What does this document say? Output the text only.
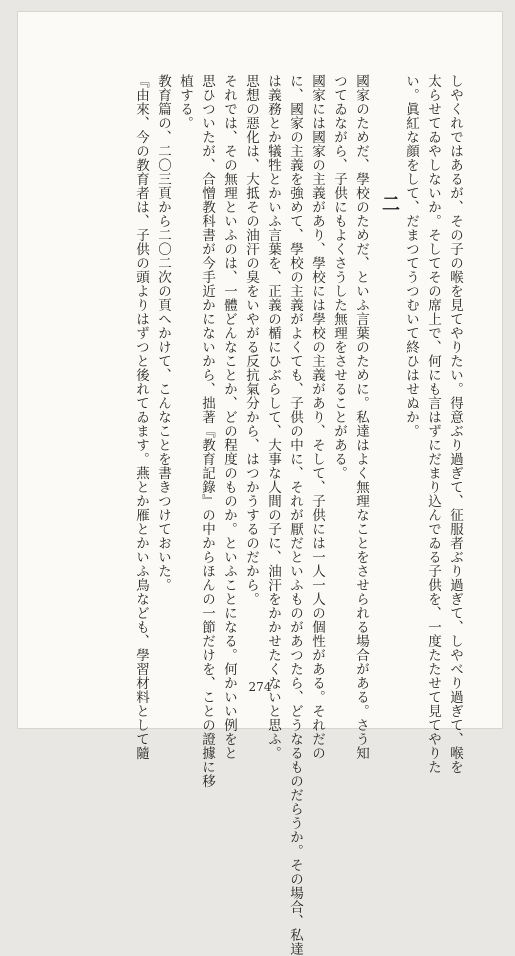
しやくれではあるが、その子の喉を見てやりたい。得意ぶり過ぎて、征服者ぶり過ぎて、しやべり過ぎて、喉を
太らせてゐやしないか。そしてその席上で、何にも言はずにだまり込んでゐる子供を、一度たたせて見てやりた
い。眞紅な顔をして、だまつてうつむいて終ひはせぬか。
二
國家のためだ、學校のためだ、といふ言葉のために。私達はよく無理なことをさせられる場合がある。さう知
つてゐながら、子供にもよくさうした無理をさせることがある。
國家には國家の主義があり、學校には學校の主義があり、そして、子供には一人一人の個性がある。それだの
に、國家の主義を強めて、學校の主義がよくても、子供の中に、それが厭だといふものがあつたら、どうなるものだらうか。その場合、私達
は義務とか犠牲とかいふ言葉を、正義の楯にひぶらして、大事な人間の子に、油汗をかかせたくないと思ふ。
思想の惡化は、大抵その油汗の臭をいやがる反抗氣分から、はつかうするのだから。
それでは、その無理といふのは、一體どんなことか、どの程度のものか。といふことになる。何かいい例をと
思ひついたが、合憎教科書が今手近かにないから、拙著『教育記錄』の中からほんの一節だけを、ことの證據に移
植する。
教育篇の、二〇三頁から二〇二次の頁へかけて、こんなことを書きつけておいた。
『由來、今の教育者は、子供の頭よりはずつと後れてゐます。燕とか雁とかいふ鳥なども、學習材料として隨	274
